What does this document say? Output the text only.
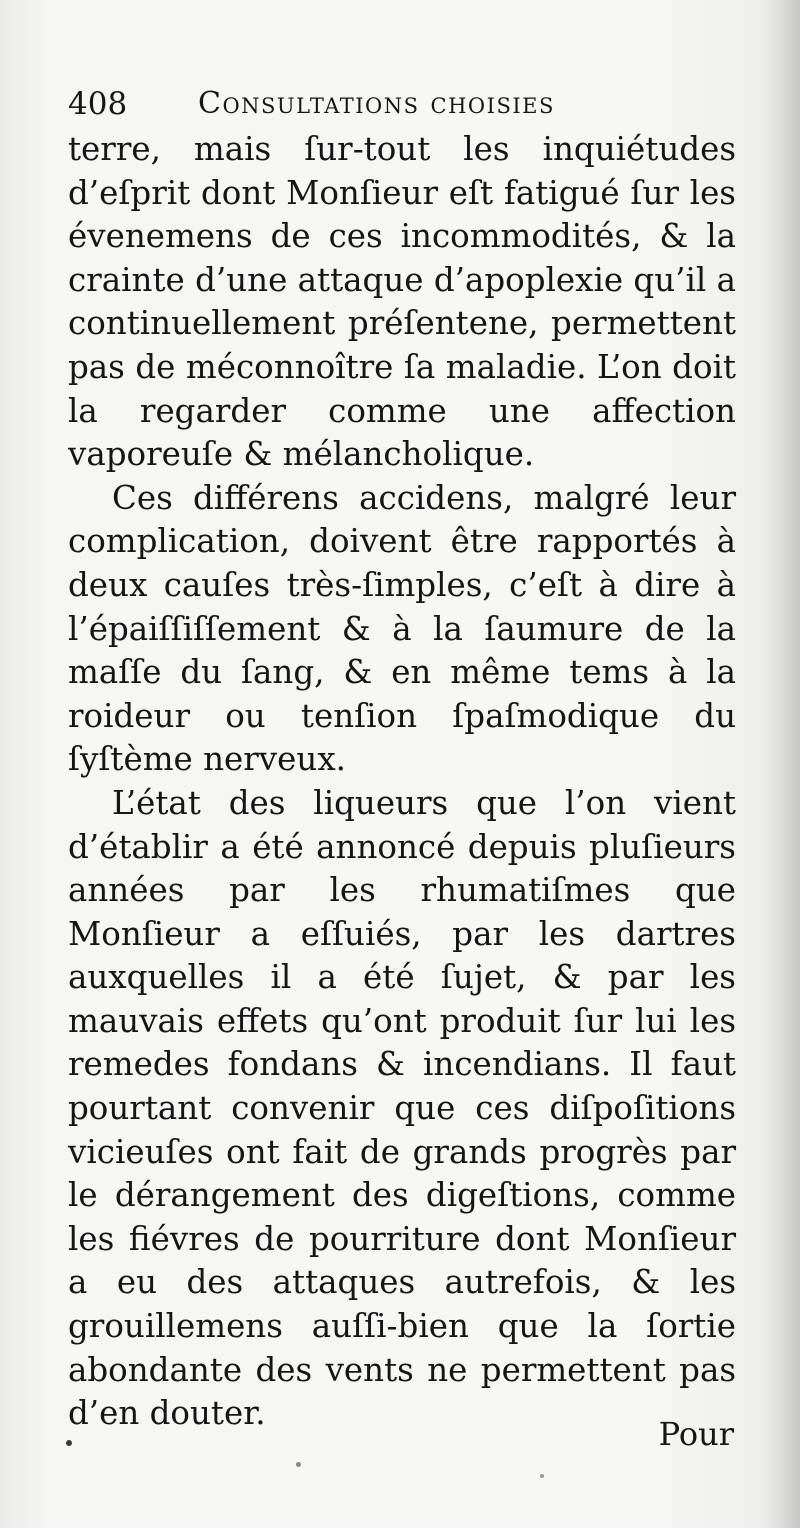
408 Consultations choisies

terre, mais ſur-tout les inquiétudes d’eſprit dont Monſieur eſt fatigué ſur les évenemens de ces incommodités, & la crainte d’une attaque d’apoplexie qu’il a continuellement préſentene, permettent pas de méconnoître ſa maladie. L’on doit la regarder comme une affection vaporeuſe & mélancholique.

Ces différens accidens, malgré leur complication, doivent être rapportés à deux cauſes très-ſimples, c’eſt à dire à l’épaiſſiſſement & à la ſaumure de la maſſe du ſang, & en même tems à la roideur ou tenſion ſpaſmodique du ſyſtème nerveux.

L’état des liqueurs que l’on vient d’établir a été annoncé depuis pluſieurs années par les rhumatiſmes que Monſieur a eſſuiés, par les dartres auxquelles il a été ſujet, & par les mauvais effets qu’ont produit ſur lui les remedes fondans & incendians. Il faut pourtant convenir que ces diſpoſitions vicieuſes ont fait de grands progrès par le dérangement des digeſtions, comme les fiévres de pourriture dont Monſieur a eu des attaques autrefois, & les grouillemens auſſi-bien que la ſortie abondante des vents ne permettent pas d’en douter.

Pour
